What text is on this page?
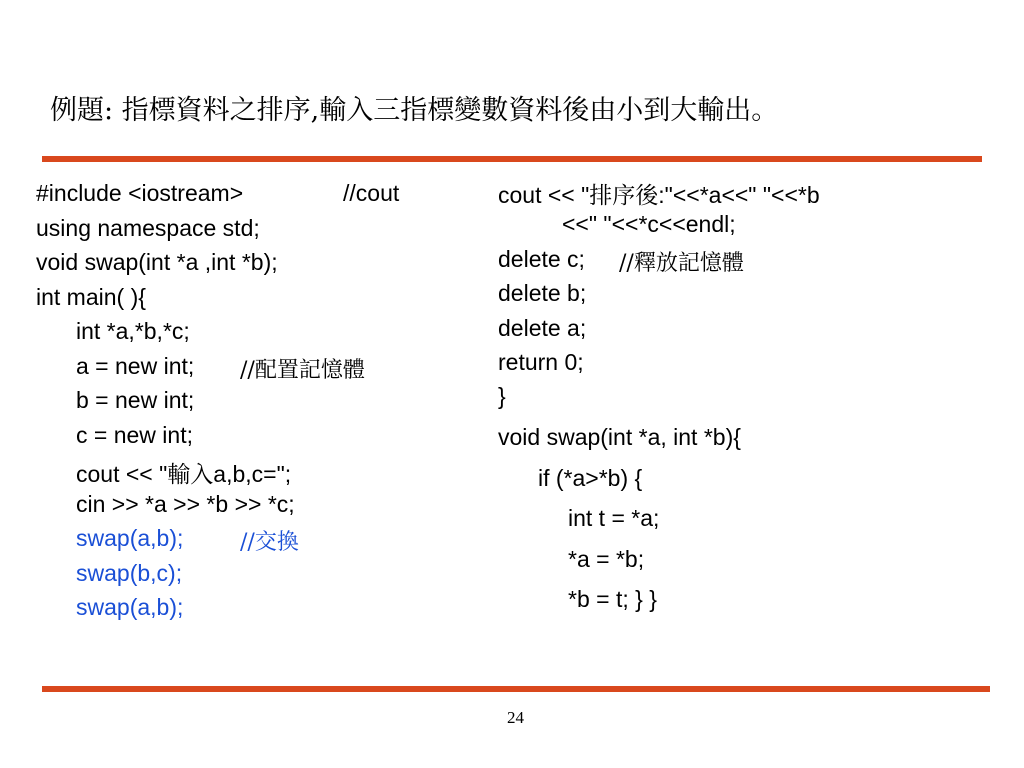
例題: 指標資料之排序,輸入三指標變數資料後由小到大輸出。
#include <iostream>	//cout
using namespace std;
void swap(int *a ,int *b);
int main( ){
int *a,*b,*c;
a = new int; //配置記憶體
b = new int;
c = new int;
cout << "輸入a,b,c=";
cin >> *a >> *b >> *c;
swap(a,b);	//交換
swap(b,c);
swap(a,b);
cout << "排序後:"<<*a<<" "<<*b
<<" "<<*c<<endl;
delete c; //釋放記憶體
delete b;
delete a;
return 0;
}
void swap(int *a, int *b){
if (*a>*b) {
int t = *a;
*a = *b;
*b = t; } }
24
